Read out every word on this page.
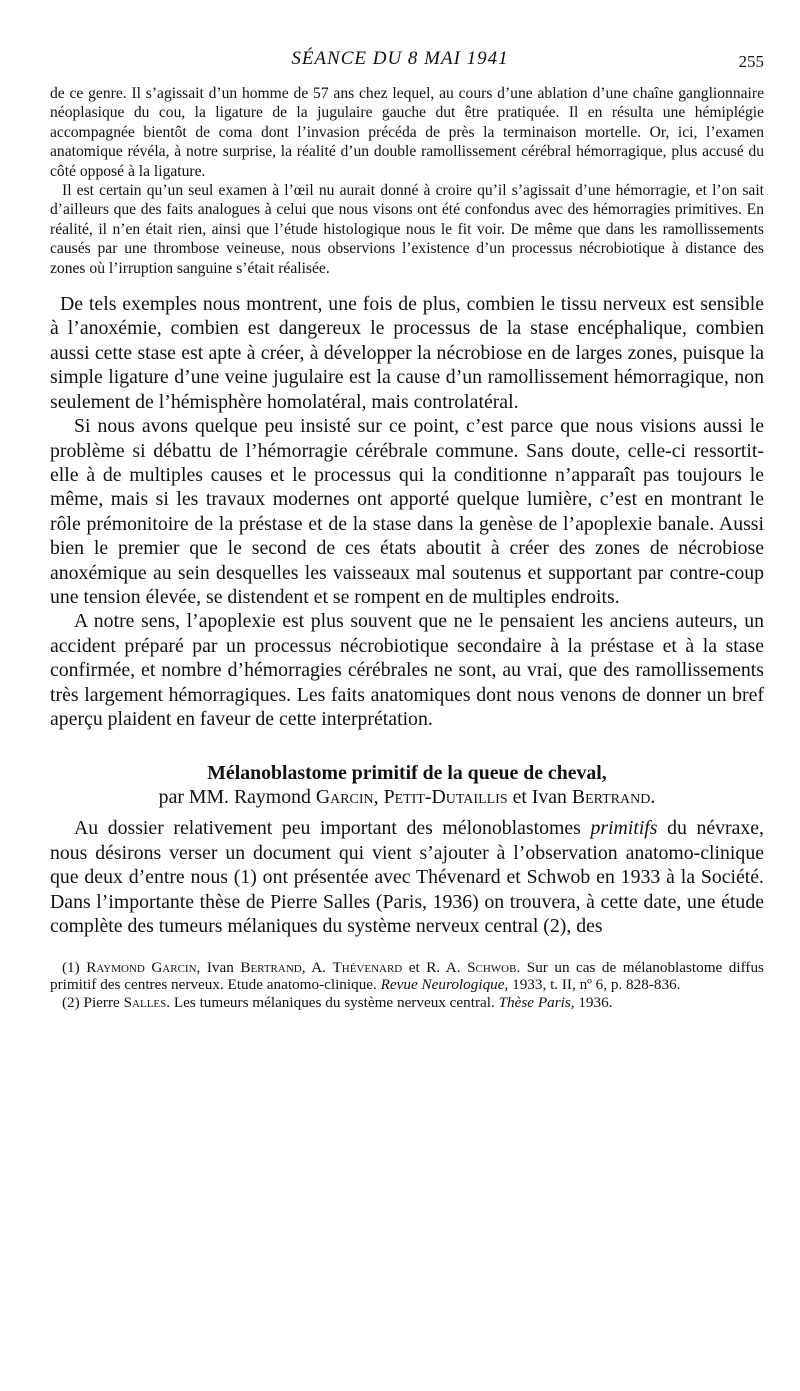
SÉANCE DU 8 MAI 1941	255

de ce genre. Il s’agissait d’un homme de 57 ans chez lequel, au cours d’une ablation d’une chaîne ganglionnaire néoplasique du cou, la ligature de la jugulaire gauche dut être pratiquée. Il en résulta une hémiplégie accompagnée bientôt de coma dont l’invasion précéda de près la terminaison mortelle. Or, ici, l’examen anatomique révéla, à notre surprise, la réalité d’un double ramollissement cérébral hémorragique, plus accusé du côté opposé à la ligature.

Il est certain qu’un seul examen à l’œil nu aurait donné à croire qu’il s’agissait d’une hémorragie, et l’on sait d’ailleurs que des faits analogues à celui que nous visons ont été confondus avec des hémorragies primitives. En réalité, il n’en était rien, ainsi que l’étude histologique nous le fit voir. De même que dans les ramollissements causés par une thrombose veineuse, nous observions l’existence d’un processus nécrobiotique à distance des zones où l’irruption sanguine s’était réalisée.

De tels exemples nous montrent, une fois de plus, combien le tissu nerveux est sensible à l’anoxémie, combien est dangereux le processus de la stase encéphalique, combien aussi cette stase est apte à créer, à développer la nécrobiose en de larges zones, puisque la simple ligature d’une veine jugulaire est la cause d’un ramollissement hémorragique, non seulement de l’hémisphère homolatéral, mais controlatéral.

Si nous avons quelque peu insisté sur ce point, c’est parce que nous visions aussi le problème si débattu de l’hémorragie cérébrale commune. Sans doute, celle-ci ressortit-elle à de multiples causes et le processus qui la conditionne n’apparaît pas toujours le même, mais si les travaux modernes ont apporté quelque lumière, c’est en montrant le rôle prémonitoire de la préstase et de la stase dans la genèse de l’apoplexie banale. Aussi bien le premier que le second de ces états aboutit à créer des zones de nécrobiose anoxémique au sein desquelles les vaisseaux mal soutenus et supportant par contre-coup une tension élevée, se distendent et se rompent en de multiples endroits.

A notre sens, l’apoplexie est plus souvent que ne le pensaient les anciens auteurs, un accident préparé par un processus nécrobiotique secondaire à la préstase et à la stase confirmée, et nombre d’hémorragies cérébrales ne sont, au vrai, que des ramollissements très largement hémorragiques. Les faits anatomiques dont nous venons de donner un bref aperçu plaident en faveur de cette interprétation.

Mélanoblastome primitif de la queue de cheval,
par MM. Raymond Garcin, Petit-Dutaillis et Ivan Bertrand.

Au dossier relativement peu important des mélonoblastomes primitifs du névraxe, nous désirons verser un document qui vient s’ajouter à l’observation anatomo-clinique que deux d’entre nous (1) ont présentée avec Thévenard et Schwob en 1933 à la Société. Dans l’importante thèse de Pierre Salles (Paris, 1936) on trouvera, à cette date, une étude complète des tumeurs mélaniques du système nerveux central (2), des

(1) Raymond Garcin, Ivan Bertrand, A. Thévenard et R. A. Schwob. Sur un cas de mélanoblastome diffus primitif des centres nerveux. Etude anatomo-clinique. Revue Neurologique, 1933, t. II, nº 6, p. 828-836.

(2) Pierre Salles. Les tumeurs mélaniques du système nerveux central. Thèse Paris, 1936.
